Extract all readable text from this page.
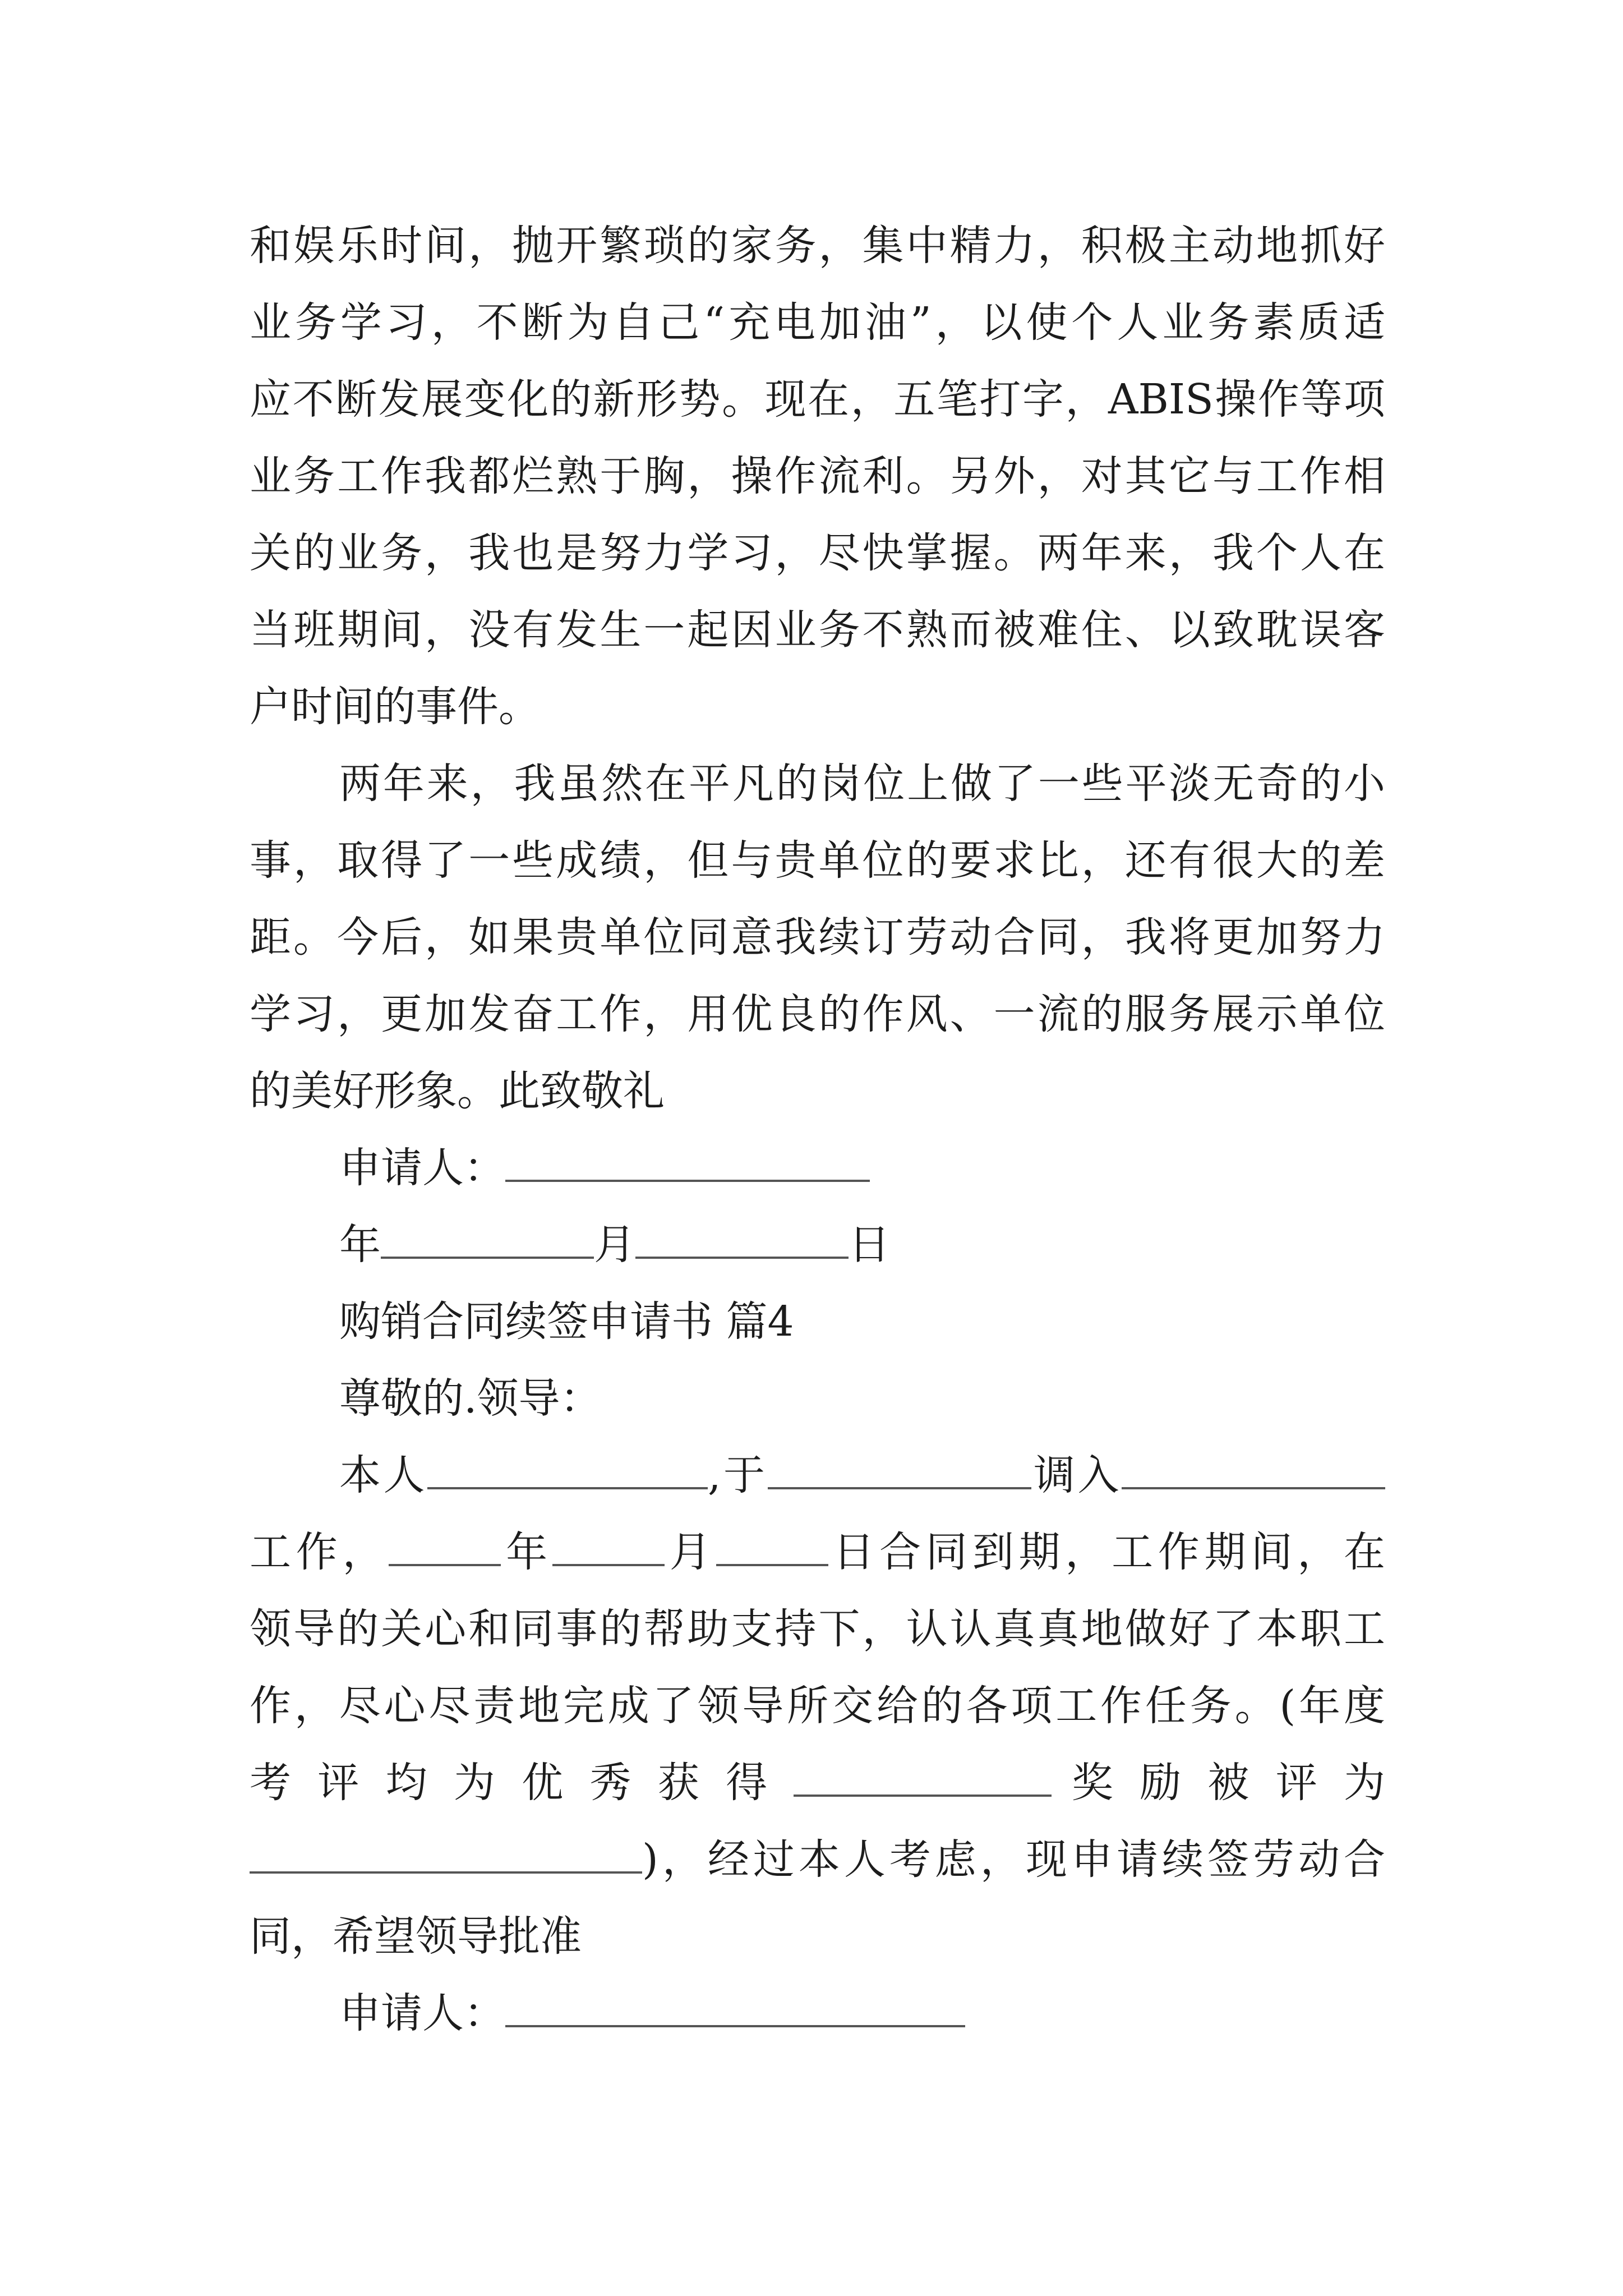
和娱乐时间，抛开繁琐的家务，集中精力，积极主动地抓好
业务学习，不断为自己“充电加油”，以使个人业务素质适
应不断发展变化的新形势。现在，五笔打字，ABIS操作等项
业务工作我都烂熟于胸，操作流利。另外，对其它与工作相
关的业务，我也是努力学习，尽快掌握。两年来，我个人在
当班期间，没有发生一起因业务不熟而被难住、以致耽误客
户时间的事件。
两年来，我虽然在平凡的岗位上做了一些平淡无奇的小
事，取得了一些成绩，但与贵单位的要求比，还有很大的差
距。今后，如果贵单位同意我续订劳动合同，我将更加努力
学习，更加发奋工作，用优良的作风、一流的服务展示单位
的美好形象。此致敬礼
申请人：
年	月	日
购销合同续签申请书 篇4
尊敬的.领导：
本人	,于	调入
工作，	年	月	日合同到期，工作期间，在
领导的关心和同事的帮助支持下，认认真真地做好了本职工
作，尽心尽责地完成了领导所交给的各项工作任务。(年度
考 评 均 为 优 秀 获 得	奖 励 被 评 为
)，经过本人考虑，现申请续签劳动合
同，希望领导批准
申请人：
